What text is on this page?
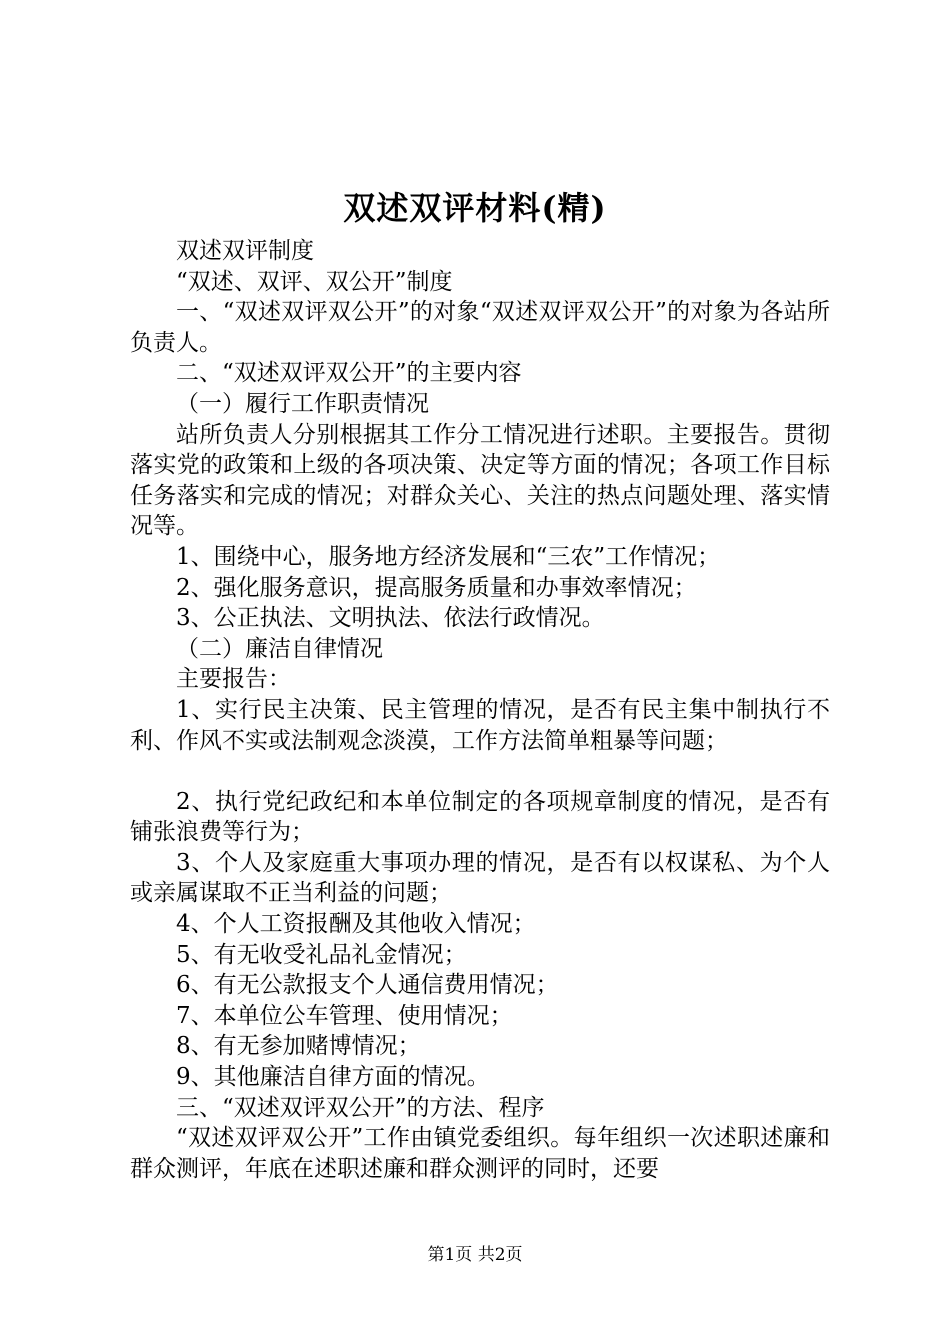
双述双评材料(精)

双述双评制度

“双述、双评、双公开”制度

一、“双述双评双公开”的对象“双述双评双公开”的对象为各站所负责人。

二、“双述双评双公开”的主要内容

（一）履行工作职责情况

站所负责人分别根据其工作分工情况进行述职。主要报告。贯彻落实党的政策和上级的各项决策、决定等方面的情况；各项工作目标任务落实和完成的情况；对群众关心、关注的热点问题处理、落实情况等。

1、围绕中心，服务地方经济发展和“三农”工作情况；

2、强化服务意识，提高服务质量和办事效率情况；

3、公正执法、文明执法、依法行政情况。

（二）廉洁自律情况

主要报告：

1、实行民主决策、民主管理的情况，是否有民主集中制执行不利、作风不实或法制观念淡漠，工作方法简单粗暴等问题；

2、执行党纪政纪和本单位制定的各项规章制度的情况，是否有铺张浪费等行为；

3、个人及家庭重大事项办理的情况，是否有以权谋私、为个人或亲属谋取不正当利益的问题；

4、个人工资报酬及其他收入情况；

5、有无收受礼品礼金情况；

6、有无公款报支个人通信费用情况；

7、本单位公车管理、使用情况；

8、有无参加赌博情况；

9、其他廉洁自律方面的情况。

三、“双述双评双公开”的方法、程序

“双述双评双公开”工作由镇党委组织。每年组织一次述职述廉和群众测评，年底在述职述廉和群众测评的同时，还要

第1页 共2页
